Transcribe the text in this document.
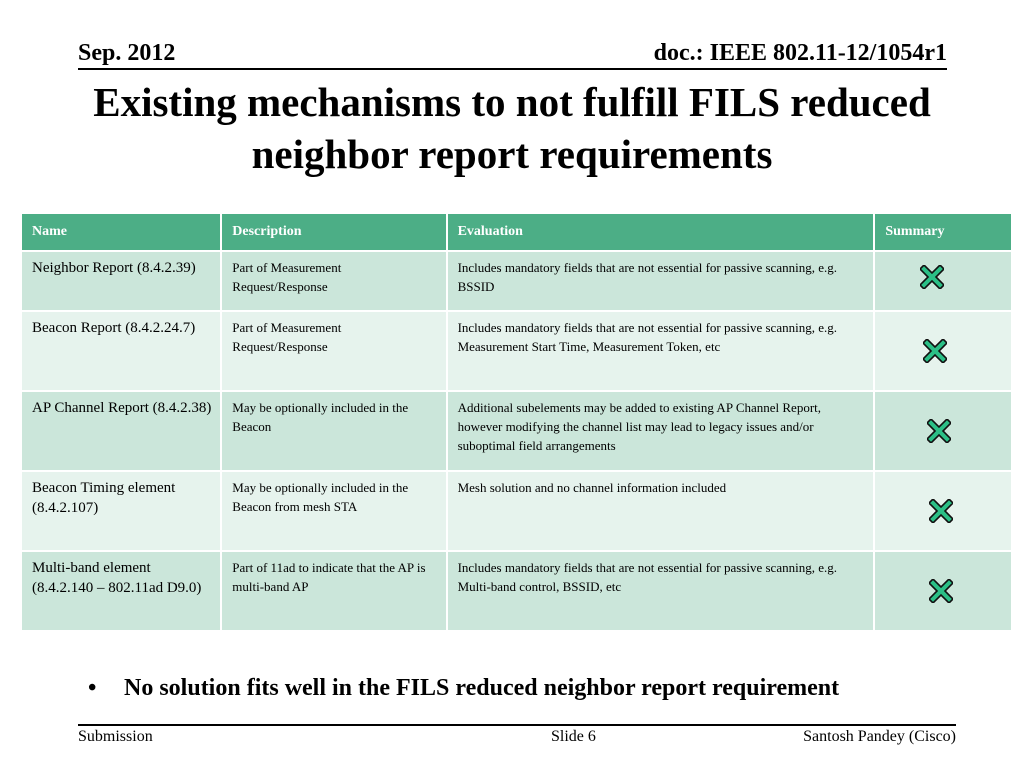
Sep. 2012	doc.: IEEE 802.11-12/1054r1
Existing mechanisms to not fulfill FILS reduced neighbor report requirements
Name	Description	Evaluation	Summary
Neighbor Report (8.4.2.39)	Part of Measurement Request/Response	Includes mandatory fields that are not essential for passive scanning, e.g. BSSID	

Beacon Report (8.4.2.24.7)	Part of Measurement Request/Response	Includes mandatory fields that are not essential for passive scanning, e.g. Measurement Start Time, Measurement Token, etc	

AP Channel Report (8.4.2.38)	May be optionally included in the Beacon	Additional subelements may be added to existing AP Channel Report, however modifying the channel list may lead to legacy issues and/or suboptimal field arrangements	

Beacon Timing element (8.4.2.107)	May be optionally included in the Beacon from mesh STA	Mesh solution and no channel information included	

Multi-band element (8.4.2.140 – 802.11ad D9.0)	Part of 11ad to indicate that the AP is multi-band AP	Includes mandatory fields that are not essential for passive scanning, e.g. Multi-band control, BSSID, etc	
• No solution fits well in the FILS reduced neighbor report requirement
Submission	Slide 6	Santosh Pandey (Cisco)
